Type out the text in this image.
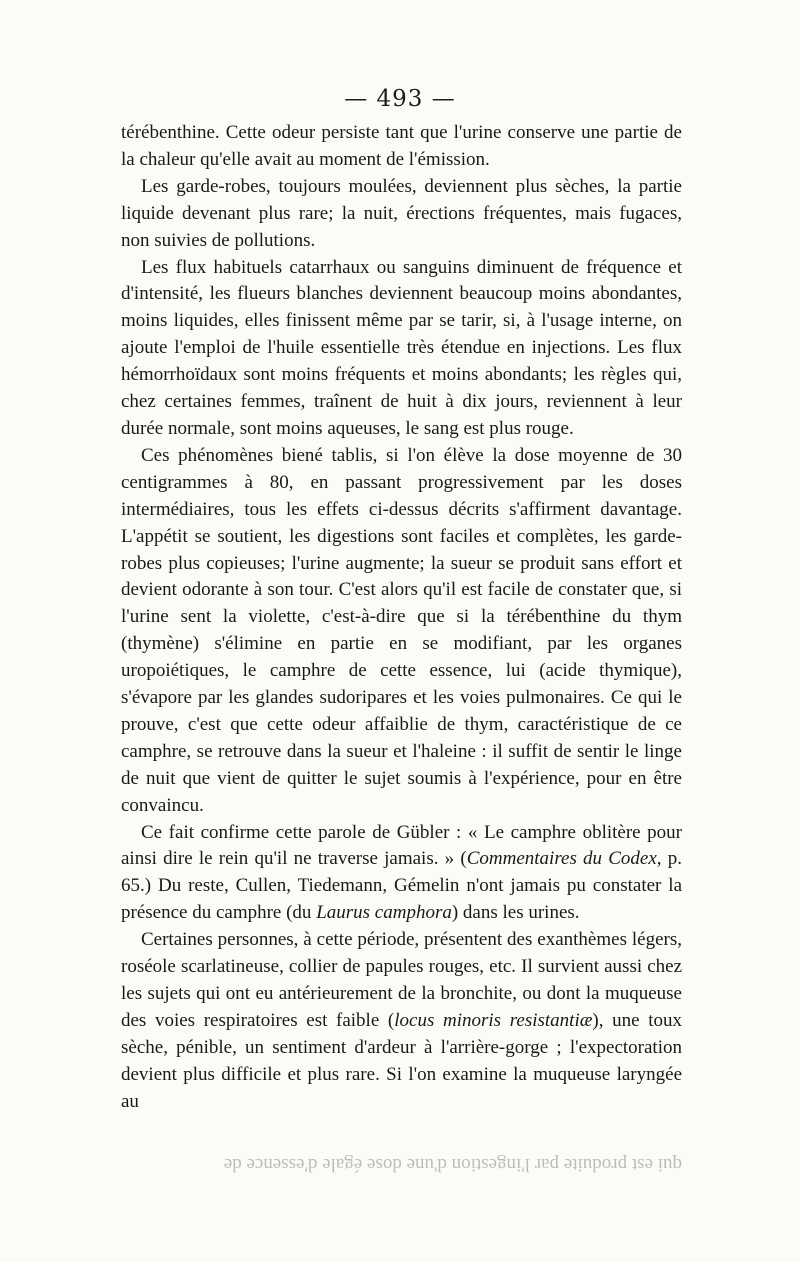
— 493 —

térébenthine. Cette odeur persiste tant que l'urine conserve une partie de la chaleur qu'elle avait au moment de l'émission.

Les garde-robes, toujours moulées, deviennent plus sèches, la partie liquide devenant plus rare; la nuit, érections fréquentes, mais fugaces, non suivies de pollutions.

Les flux habituels catarrhaux ou sanguins diminuent de fréquence et d'intensité, les flueurs blanches deviennent beaucoup moins abondantes, moins liquides, elles finissent même par se tarir, si, à l'usage interne, on ajoute l'emploi de l'huile essentielle très étendue en injections. Les flux hémorrhoïdaux sont moins fréquents et moins abondants; les règles qui, chez certaines femmes, traînent de huit à dix jours, reviennent à leur durée normale, sont moins aqueuses, le sang est plus rouge.

Ces phénomènes biené tablis, si l'on élève la dose moyenne de 30 centigrammes à 80, en passant progressivement par les doses intermédiaires, tous les effets ci-dessus décrits s'affirment davantage. L'appétit se soutient, les digestions sont faciles et complètes, les garde-robes plus copieuses; l'urine augmente; la sueur se produit sans effort et devient odorante à son tour. C'est alors qu'il est facile de constater que, si l'urine sent la violette, c'est-à-dire que si la térébenthine du thym (thymène) s'élimine en partie en se modifiant, par les organes uropoiétiques, le camphre de cette essence, lui (acide thymique), s'évapore par les glandes sudoripares et les voies pulmonaires. Ce qui le prouve, c'est que cette odeur affaiblie de thym, caractéristique de ce camphre, se retrouve dans la sueur et l'haleine : il suffit de sentir le linge de nuit que vient de quitter le sujet soumis à l'expérience, pour en être convaincu.

Ce fait confirme cette parole de Gübler : « Le camphre oblitère pour ainsi dire le rein qu'il ne traverse jamais. » (Commentaires du Codex, p. 65.) Du reste, Cullen, Tiedemann, Gémelin n'ont jamais pu constater la présence du camphre (du Laurus camphora) dans les urines.

Certaines personnes, à cette période, présentent des exanthèmes légers, roséole scarlatineuse, collier de papules rouges, etc. Il survient aussi chez les sujets qui ont eu antérieurement de la bronchite, ou dont la muqueuse des voies respiratoires est faible (locus minoris resistantiæ), une toux sèche, pénible, un sentiment d'ardeur à l'arrière-gorge ; l'expectoration devient plus difficile et plus rare. Si l'on examine la muqueuse laryngée au

qui est produite par l'ingestion d'une dose égale d'essence de
